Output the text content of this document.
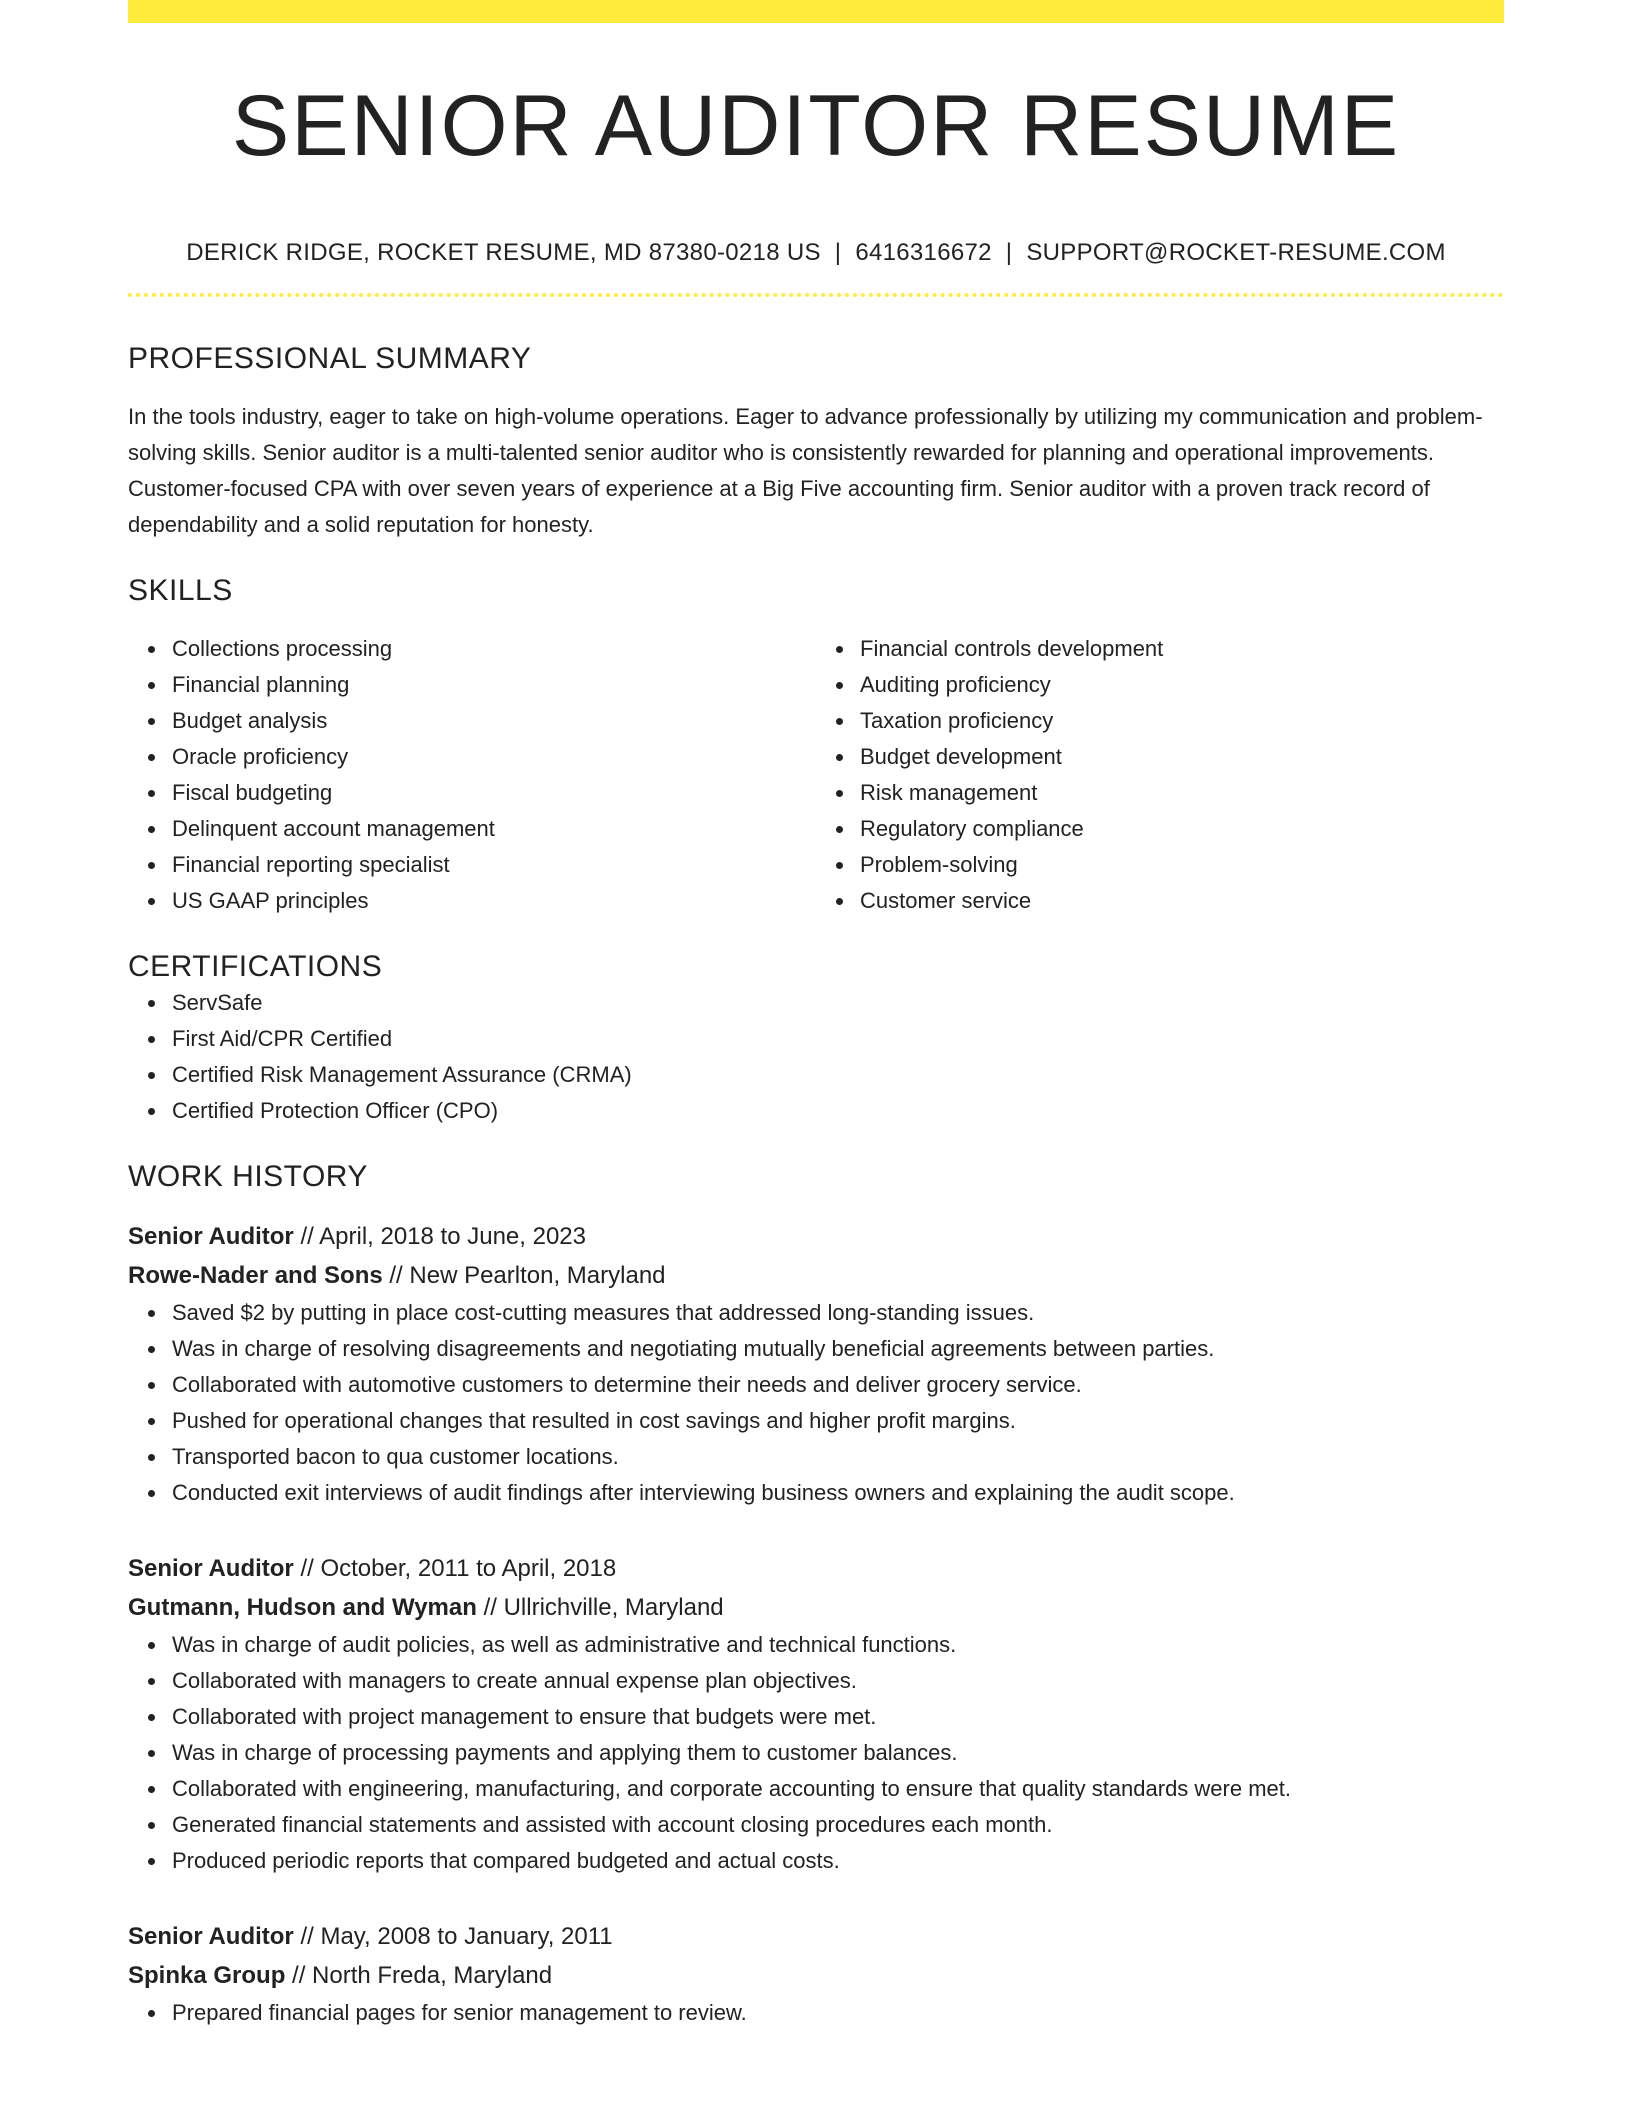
SENIOR AUDITOR RESUME
DERICK RIDGE, ROCKET RESUME, MD 87380-0218 US | 6416316672 | SUPPORT@ROCKET-RESUME.COM
PROFESSIONAL SUMMARY

In the tools industry, eager to take on high-volume operations. Eager to advance professionally by utilizing my communication and problem-solving skills. Senior auditor is a multi-talented senior auditor who is consistently rewarded for planning and operational improvements. Customer-focused CPA with over seven years of experience at a Big Five accounting firm. Senior auditor with a proven track record of dependability and a solid reputation for honesty.

SKILLS
Collections processing
Financial planning
Budget analysis
Oracle proficiency
Fiscal budgeting
Delinquent account management
Financial reporting specialist
US GAAP principles
Financial controls development
Auditing proficiency
Taxation proficiency
Budget development
Risk management
Regulatory compliance
Problem-solving
Customer service
CERTIFICATIONS
ServSafe
First Aid/CPR Certified
Certified Risk Management Assurance (CRMA)
Certified Protection Officer (CPO)
WORK HISTORY
Senior Auditor // April, 2018 to June, 2023
Rowe-Nader and Sons // New Pearlton, Maryland
Saved $2 by putting in place cost-cutting measures that addressed long-standing issues.
Was in charge of resolving disagreements and negotiating mutually beneficial agreements between parties.
Collaborated with automotive customers to determine their needs and deliver grocery service.
Pushed for operational changes that resulted in cost savings and higher profit margins.
Transported bacon to qua customer locations.
Conducted exit interviews of audit findings after interviewing business owners and explaining the audit scope.
Senior Auditor // October, 2011 to April, 2018
Gutmann, Hudson and Wyman // Ullrichville, Maryland
Was in charge of audit policies, as well as administrative and technical functions.
Collaborated with managers to create annual expense plan objectives.
Collaborated with project management to ensure that budgets were met.
Was in charge of processing payments and applying them to customer balances.
Collaborated with engineering, manufacturing, and corporate accounting to ensure that quality standards were met.
Generated financial statements and assisted with account closing procedures each month.
Produced periodic reports that compared budgeted and actual costs.
Senior Auditor // May, 2008 to January, 2011
Spinka Group // North Freda, Maryland
Prepared financial pages for senior management to review.
